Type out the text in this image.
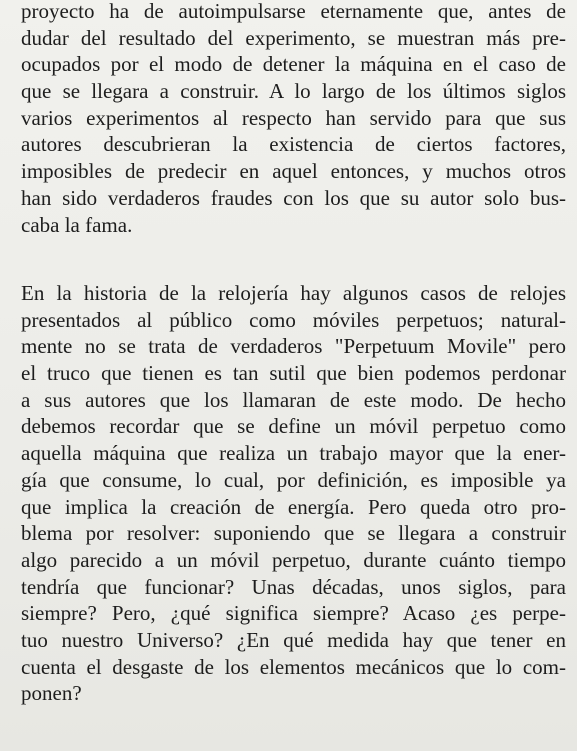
proyecto ha de autoimpulsarse eternamente que, antes de
dudar del resultado del experimento, se muestran más pre-
ocupados por el modo de detener la máquina en el caso de
que se llegara a construir. A lo largo de los últimos siglos
varios experimentos al respecto han servido para que sus
autores descubrieran la existencia de ciertos factores,
imposibles de predecir en aquel entonces, y muchos otros
han sido verdaderos fraudes con los que su autor solo bus-
caba la fama.
En la historia de la relojería hay algunos casos de relojes
presentados al público como móviles perpetuos; natural-
mente no se trata de verdaderos "Perpetuum Movile" pero
el truco que tienen es tan sutil que bien podemos perdonar
a sus autores que los llamaran de este modo. De hecho
debemos recordar que se define un móvil perpetuo como
aquella máquina que realiza un trabajo mayor que la ener-
gía que consume, lo cual, por definición, es imposible ya
que implica la creación de energía. Pero queda otro pro-
blema por resolver: suponiendo que se llegara a construir
algo parecido a un móvil perpetuo, durante cuánto tiempo
tendría que funcionar? Unas décadas, unos siglos, para
siempre? Pero, ¿qué significa siempre? Acaso ¿es perpe-
tuo nuestro Universo? ¿En qué medida hay que tener en
cuenta el desgaste de los elementos mecánicos que lo com-
ponen?
